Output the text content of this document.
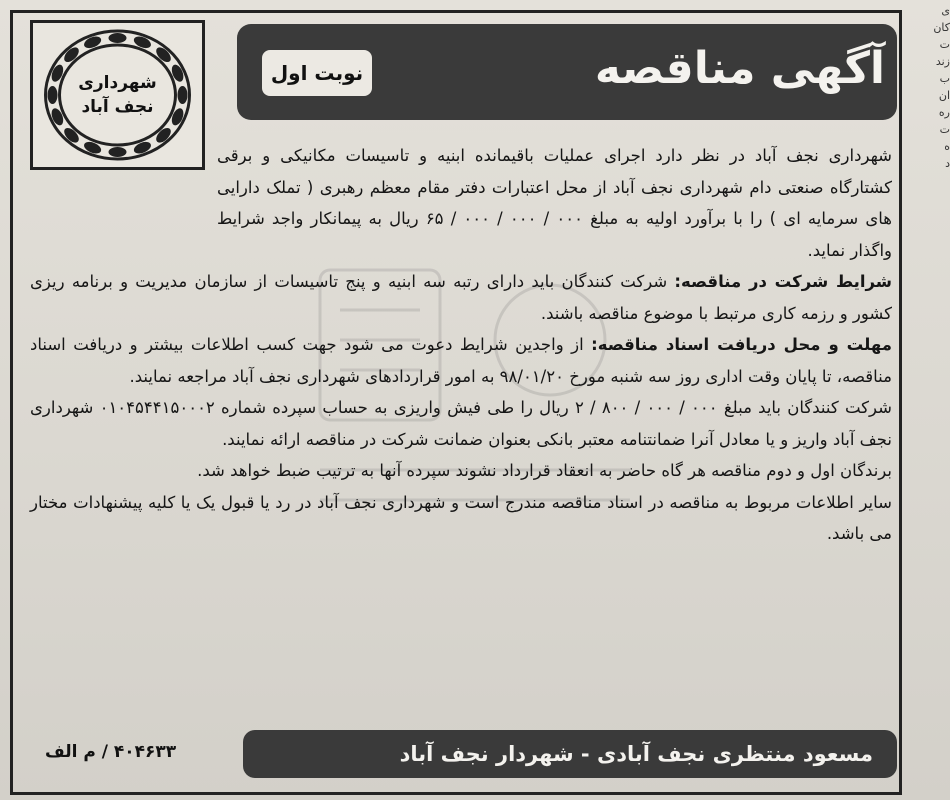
ی
کان
ت
زند
ب
ان
ره
ت
ه
د
شهرداری
نجف آباد
آگهی مناقصه
نوبت اول

شهرداری نجف آباد در نظر دارد اجرای عملیات باقیمانده ابنیه و تاسیسات مکانیکی و برقی کشتارگاه صنعتی دام شهرداری نجف آباد از محل اعتبارات دفتر مقام معظم رهبری ( تملک دارایی های سرمایه ای ) را با برآورد اولیه به مبلغ ۰۰۰ / ۰۰۰ / ۰۰۰ / ۶۵ ریال به پیمانکار واجد شرایط واگذار نماید.

شرایط شرکت در مناقصه: شرکت کنندگان باید دارای رتبه سه ابنیه و پنج تاسیسات از سازمان مدیریت و برنامه ریزی کشور و رزمه کاری مرتبط با موضوع مناقصه باشند.

مهلت و محل دریافت اسناد مناقصه: از واجدین شرایط دعوت می شود جهت کسب اطلاعات بیشتر و دریافت اسناد مناقصه، تا پایان وقت اداری روز سه شنبه مورخ ۹۸/۰۱/۲۰ به امور قراردادهای شهرداری نجف آباد مراجعه نمایند.

شرکت کنندگان باید مبلغ ۰۰۰ / ۰۰۰ / ۸۰۰ / ۲ ریال را طی فیش واریزی به حساب سپرده شماره ۰۱۰۴۵۴۴۱۵۰۰۰۲ شهرداری نجف آباد واریز و یا معادل آنرا ضمانتنامه معتبر بانکی بعنوان ضمانت شرکت در مناقصه ارائه نمایند.

برندگان اول و دوم مناقصه هر گاه حاضر به انعقاد قرارداد نشوند سپرده آنها به ترتیب ضبط خواهد شد.

سایر اطلاعات مربوط به مناقصه در اسناد مناقصه مندرج است و شهرداری نجف آباد در رد یا قبول یک یا کلیه پیشنهادات مختار می باشد.

مسعود منتظری نجف آبادی - شهردار نجف آباد
۴۰۴۶۳۳ / م الف
